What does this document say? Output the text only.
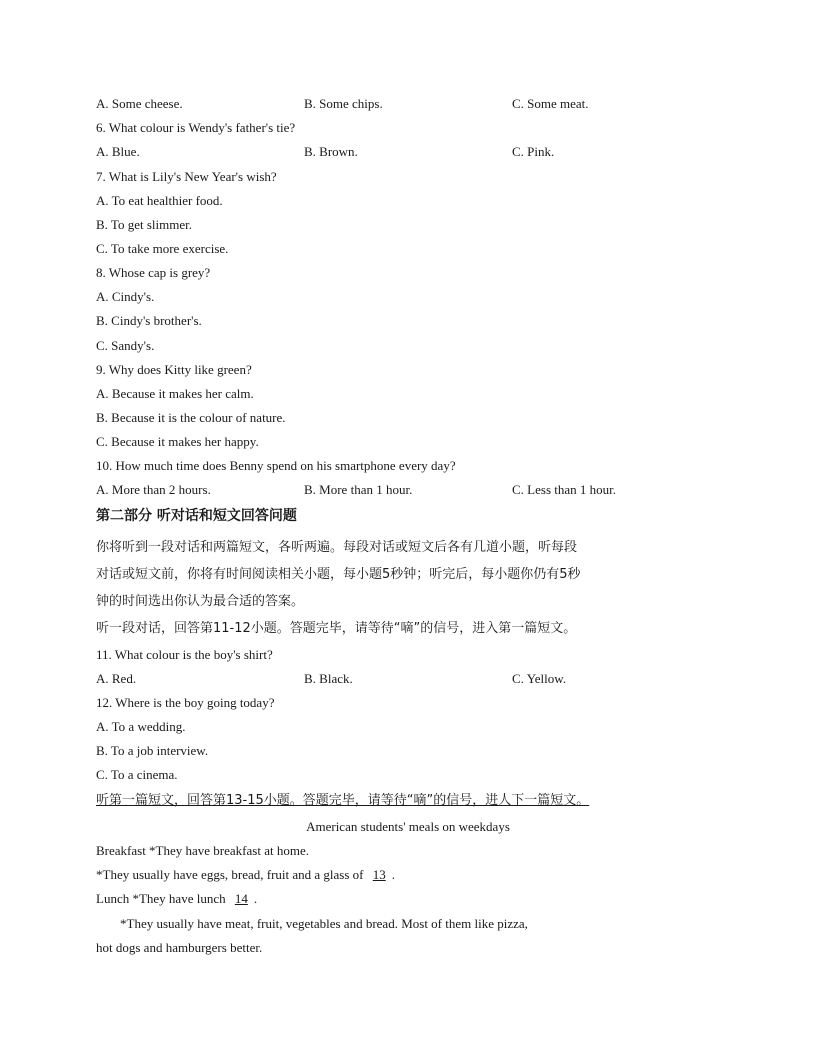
A. Some cheese.	B. Some chips.	C. Some meat.
6. What colour is Wendy's father's tie?
A. Blue.	B. Brown.	C. Pink.
7. What is Lily's New Year's wish?
A. To eat healthier food.
B. To get slimmer.
C. To take more exercise.
8. Whose cap is grey?
A. Cindy's.
B. Cindy's brother's.
C. Sandy's.
9. Why does Kitty like green?
A. Because it makes her calm.
B. Because it is the colour of nature.
C. Because it makes her happy.
10. How much time does Benny spend on his smartphone every day?
A. More than 2 hours.	B. More than 1 hour.	C. Less than 1 hour.
第二部分 听对话和短文回答问题
你将听到一段对话和两篇短文，各听两遍。每段对话或短文后各有几道小题，听每段
对话或短文前，你将有时间阅读相关小题，每小题5秒钟；听完后，每小题你仍有5秒
钟的时间选出你认为最合适的答案。
听一段对话，回答第11-12小题。答题完毕，请等待“嘀”的信号，进入第一篇短文。
11. What colour is the boy's shirt?
A. Red.	B. Black.	C. Yellow.
12. Where is the boy going today?
A. To a wedding.
B. To a job interview.
C. To a cinema.
听第一篇短文，回答第13-15小题。答题完毕，请等待“嘀”的信号，进人下一篇短文。
American students' meals on weekdays
Breakfast *They have breakfast at home.
*They usually have eggs, bread, fruit and a glass of 13 .
Lunch *They have lunch 14 .
*They usually have meat, fruit, vegetables and bread. Most of them like pizza,
hot dogs and hamburgers better.
